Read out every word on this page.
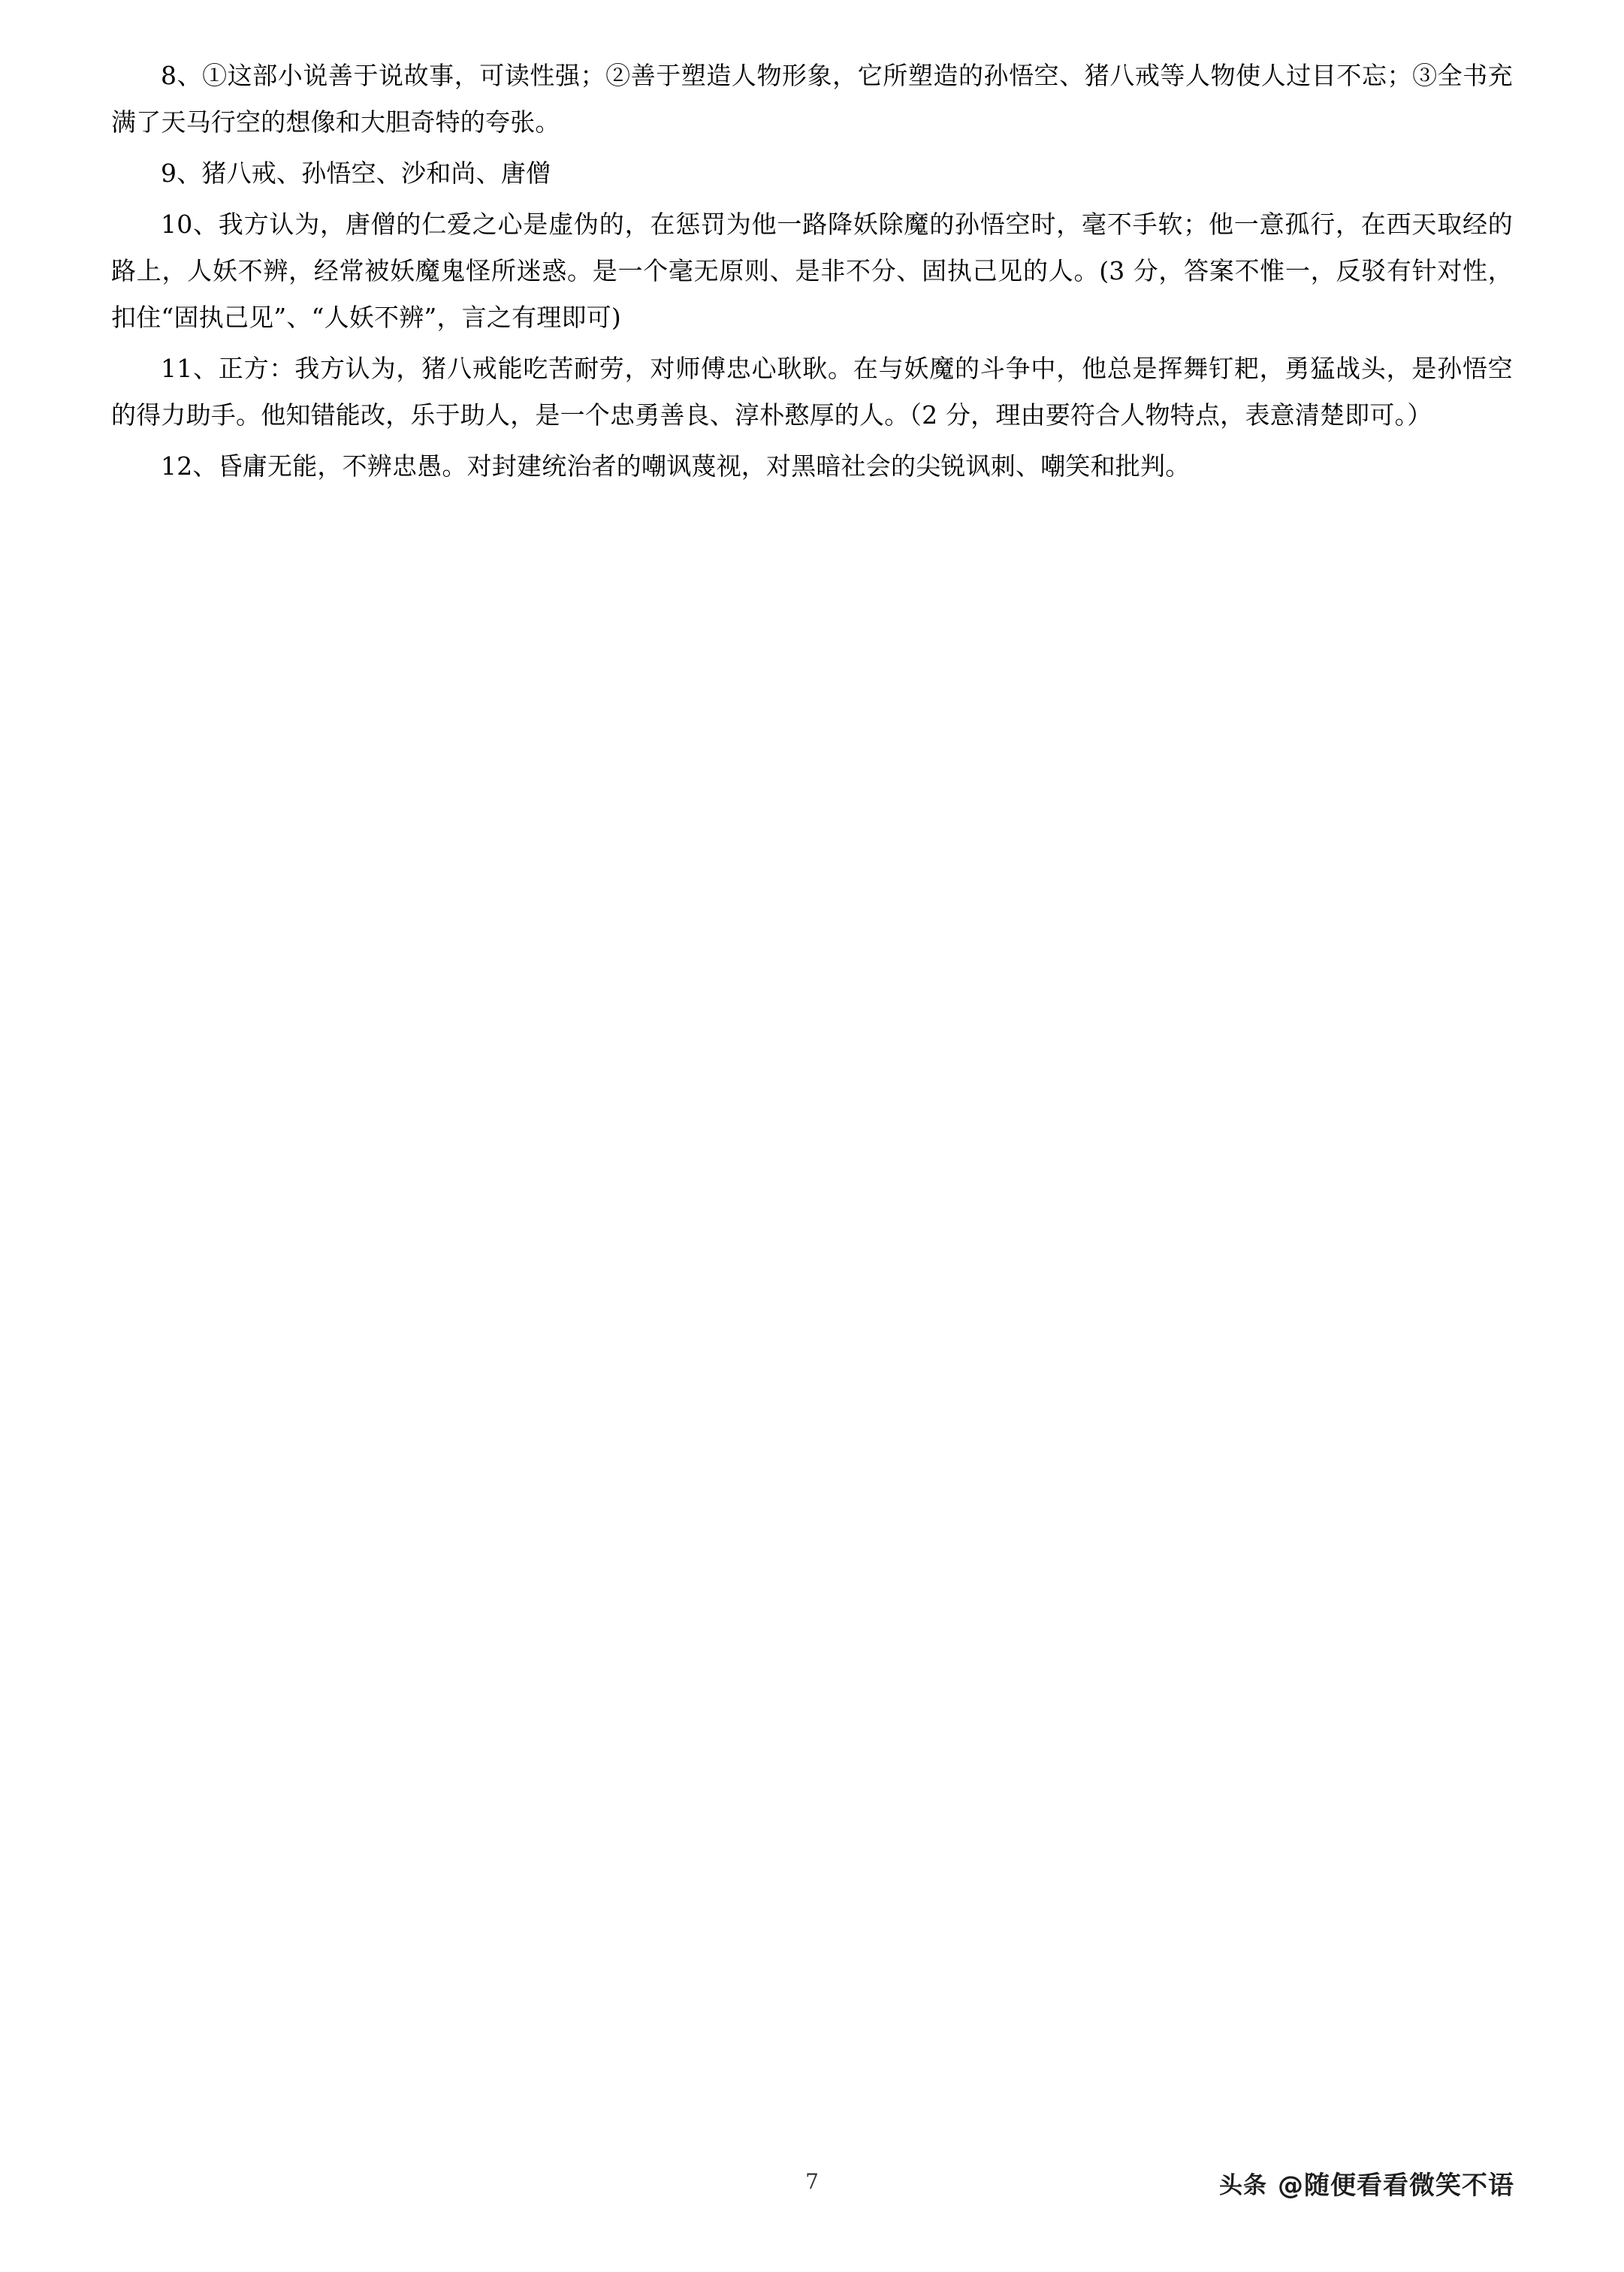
8、①这部小说善于说故事，可读性强；②善于塑造人物形象，它所塑造的孙悟空、猪八戒等人物使人过目不忘；③全书充满了天马行空的想像和大胆奇特的夸张。

9、猪八戒、孙悟空、沙和尚、唐僧

10、我方认为，唐僧的仁爱之心是虚伪的，在惩罚为他一路降妖除魔的孙悟空时，毫不手软；他一意孤行，在西天取经的路上，人妖不辨，经常被妖魔鬼怪所迷惑。是一个毫无原则、是非不分、固执己见的人。(3 分，答案不惟一，反驳有针对性，扣住“固执己见”、“人妖不辨”，言之有理即可)

11、正方：我方认为，猪八戒能吃苦耐劳，对师傅忠心耿耿。在与妖魔的斗争中，他总是挥舞钉耙，勇猛战头，是孙悟空的得力助手。他知错能改，乐于助人，是一个忠勇善良、淳朴憨厚的人。（2 分，理由要符合人物特点，表意清楚即可。）

12、昏庸无能，不辨忠愚。对封建统治者的嘲讽蔑视，对黑暗社会的尖锐讽刺、嘲笑和批判。

7	头条 @随便看看微笑不语
